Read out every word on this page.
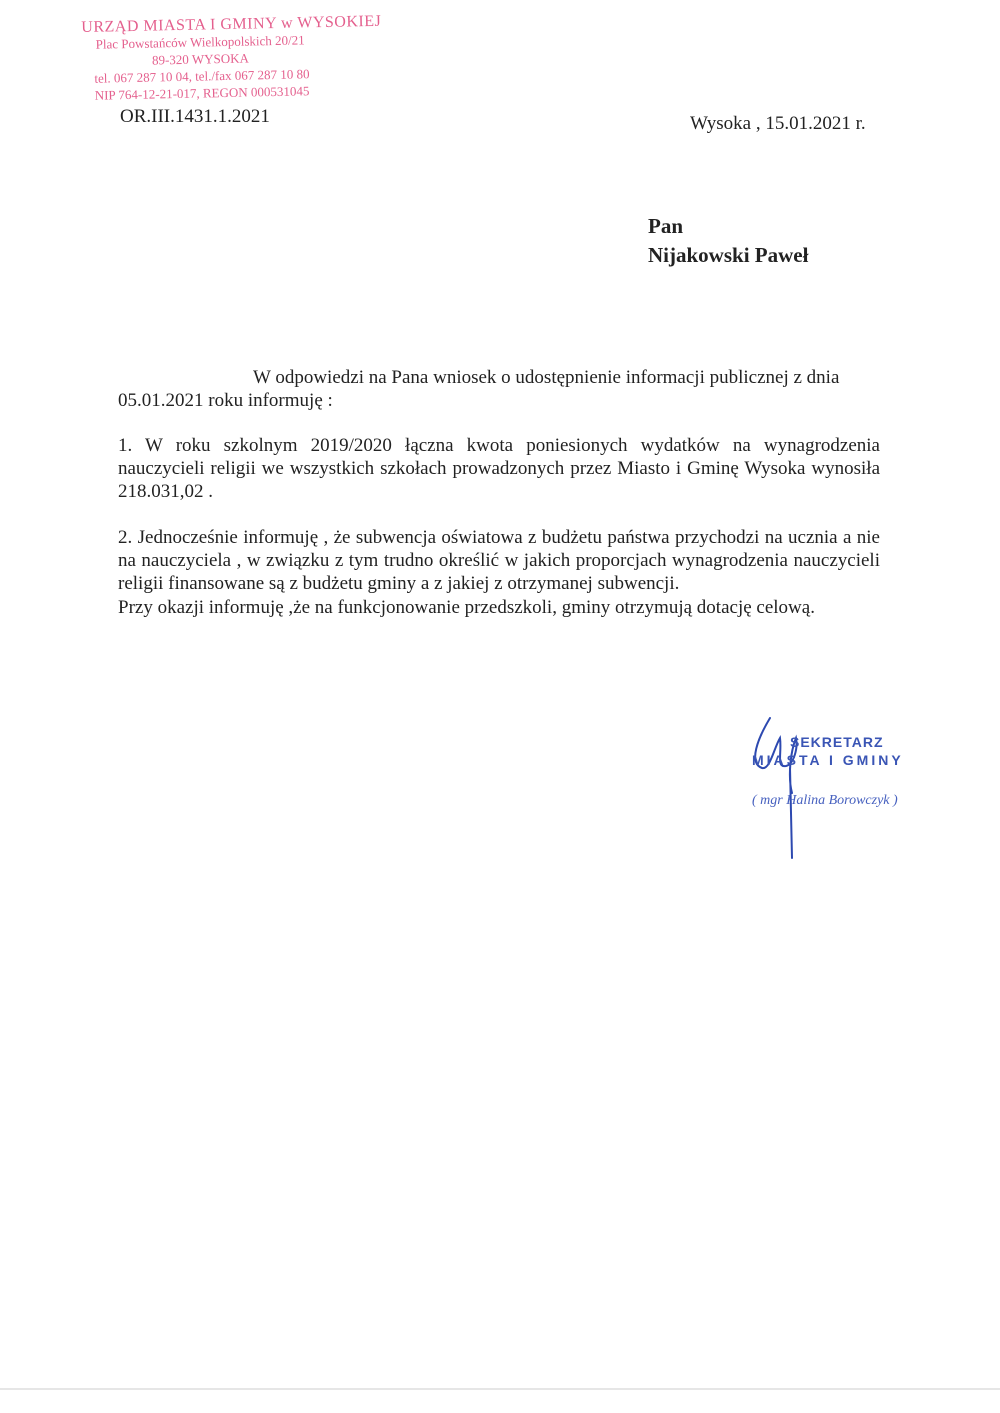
URZĄD MIASTA I GMINY w WYSOKIEJ
Plac Powstańców Wielkopolskich 20/21
89-320 WYSOKA
tel. 067 287 10 04, tel./fax 067 287 10 80
NIP 764-12-21-017, REGON 000531045
OR.III.1431.1.2021	Wysoka , 15.01.2021 r.
Pan
Nijakowski Paweł
W odpowiedzi na Pana wniosek o udostępnienie informacji publicznej z dnia 05.01.2021 roku informuję :
1. W roku szkolnym 2019/2020 łączna kwota poniesionych wydatków na wynagrodzenia nauczycieli religii we wszystkich szkołach prowadzonych przez Miasto i Gminę Wysoka wynosiła 218.031,02 .
2. Jednocześnie informuję , że subwencja oświatowa z budżetu państwa przychodzi na ucznia a nie na nauczyciela , w związku z tym trudno określić w jakich proporcjach wynagrodzenia nauczycieli religii finansowane są z budżetu gminy a z jakiej z otrzymanej subwencji.
Przy okazji informuję ,że na funkcjonowanie przedszkoli, gminy otrzymują dotację celową.
SEKRETARZ
MIASTA I GMINY
( mgr Halina Borowczyk )
